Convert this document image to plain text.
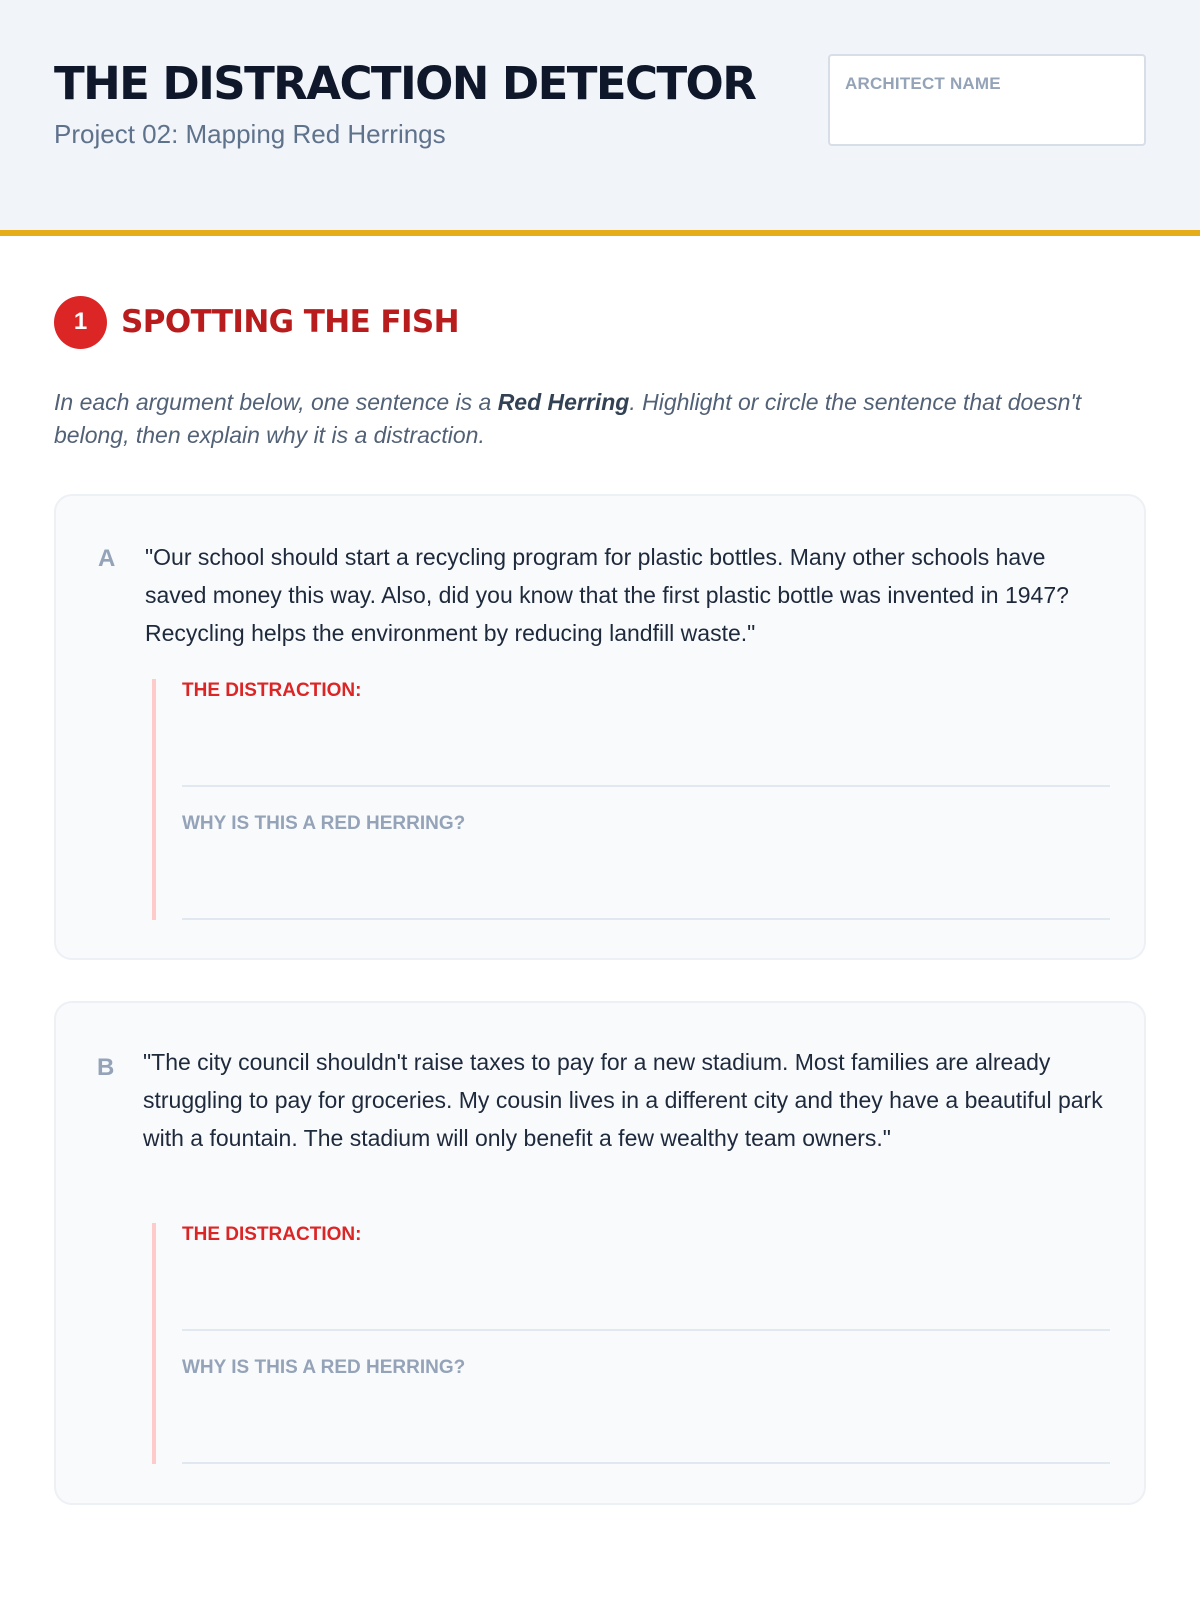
THE DISTRACTION DETECTOR

Project 02: Mapping Red Herrings

ARCHITECT NAME
1	SPOTTING THE FISH

In each argument below, one sentence is a Red Herring. Highlight or circle the sentence that doesn't belong, then explain why it is a distraction.

A "Our school should start a recycling program for plastic bottles. Many other schools have saved money this way. Also, did you know that the first plastic bottle was invented in 1947? Recycling helps the environment by reducing landfill waste."

THE DISTRACTION:

WHY IS THIS A RED HERRING?

B "The city council shouldn't raise taxes to pay for a new stadium. Most families are already struggling to pay for groceries. My cousin lives in a different city and they have a beautiful park with a fountain. The stadium will only benefit a few wealthy team owners."

THE DISTRACTION:

WHY IS THIS A RED HERRING?
